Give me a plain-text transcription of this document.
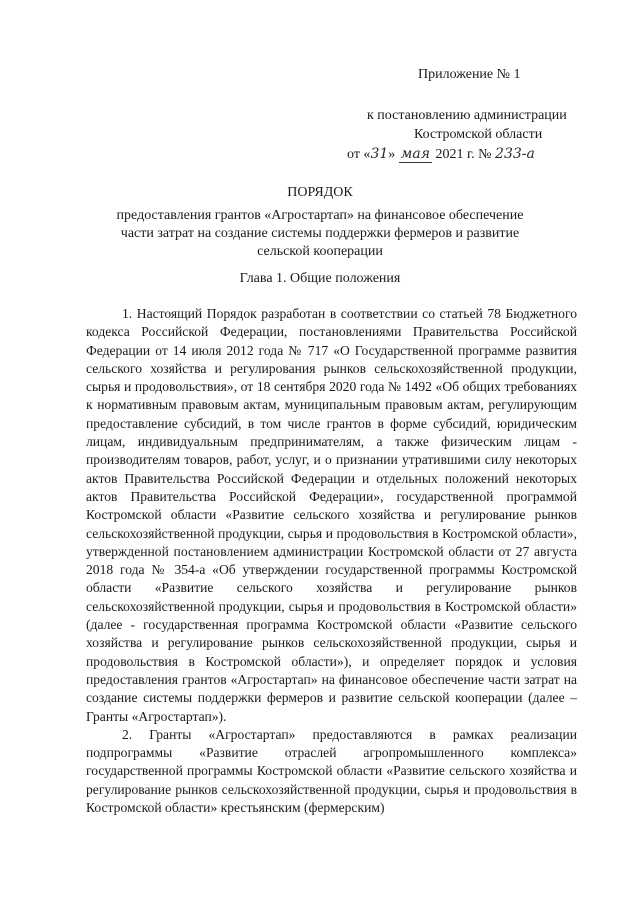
Приложение № 1
к постановлению администрации
Костромской области
от «31» мая 2021 г. № 233-а
ПОРЯДОК
предоставления грантов «Агростартап» на финансовое обеспечение части затрат на создание системы поддержки фермеров и развитие сельской кооперации
Глава 1. Общие положения

1. Настоящий Порядок разработан в соответствии со статьей 78 Бюджетного кодекса Российской Федерации, постановлениями Правительства Российской Федерации от 14 июля 2012 года № 717 «О Государственной программе развития сельского хозяйства и регулирования рынков сельскохозяйственной продукции, сырья и продовольствия», от 18 сентября 2020 года № 1492 «Об общих требованиях к нормативным правовым актам, муниципальным правовым актам, регулирующим предоставление субсидий, в том числе грантов в форме субсидий, юридическим лицам, индивидуальным предпринимателям, а также физическим лицам - производителям товаров, работ, услуг, и о признании утратившими силу некоторых актов Правительства Российской Федерации и отдельных положений некоторых актов Правительства Российской Федерации», государственной программой Костромской области «Развитие сельского хозяйства и регулирование рынков сельскохозяйственной продукции, сырья и продовольствия в Костромской области», утвержденной постановлением администрации Костромской области от 27 августа 2018 года № 354-а «Об утверждении государственной программы Костромской области «Развитие сельского хозяйства и регулирование рынков сельскохозяйственной продукции, сырья и продовольствия в Костромской области» (далее - государственная программа Костромской области «Развитие сельского хозяйства и регулирование рынков сельскохозяйственной продукции, сырья и продовольствия в Костромской области»), и определяет порядок и условия предоставления грантов «Агростартап» на финансовое обеспечение части затрат на создание системы поддержки фермеров и развитие сельской кооперации (далее – Гранты «Агростартап»).

2. Гранты «Агростартап» предоставляются в рамках реализации подпрограммы «Развитие отраслей агропромышленного комплекса» государственной программы Костромской области «Развитие сельского хозяйства и регулирование рынков сельскохозяйственной продукции, сырья и продовольствия в Костромской области» крестьянским (фермерским)
